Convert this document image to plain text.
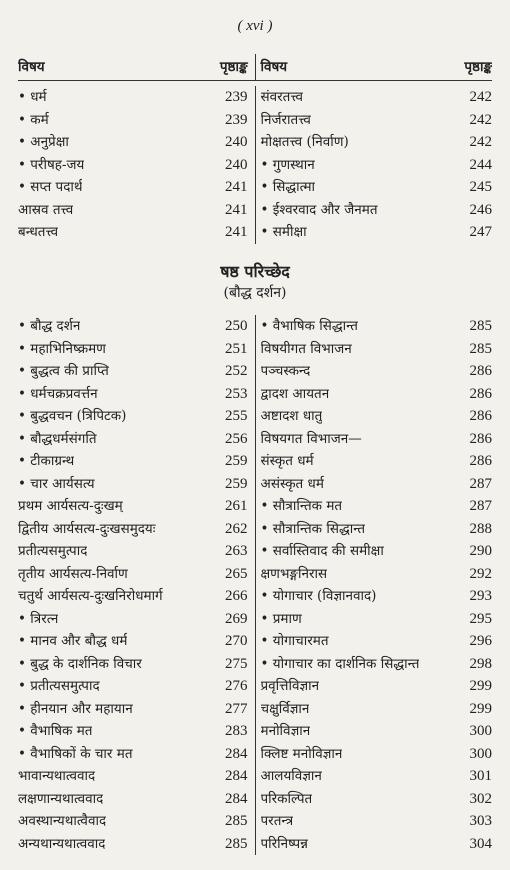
( xvi )
विषय	पृष्ठाङ्क विषय	पृष्ठाङ्क
• धर्म	239
• कर्म	239
• अनुप्रेक्षा	240
• परीषह-जय	240
• सप्त पदार्थ	241
आस्रव तत्त्व	241
बन्धतत्त्व	241
संवरतत्त्व	242
निर्जरातत्त्व	242
मोक्षतत्त्व (निर्वाण)	242
• गुणस्थान	244
• सिद्धात्मा	245
• ईश्वरवाद और जैनमत	246
• समीक्षा	247
षष्ठ परिच्छेद
(बौद्ध दर्शन)
• बौद्ध दर्शन	250
• महाभिनिष्क्रमण	251
• बुद्धत्व की प्राप्ति	252
• धर्मचक्रप्रवर्त्तन	253
• बुद्धवचन (त्रिपिटक)	255
• बौद्धधर्मसंगति	256
• टीकाग्रन्थ	259
• चार आर्यसत्य	259
प्रथम आर्यसत्य-दुःखम्	261
द्वितीय आर्यसत्य-दुःखसमुदयः	262
प्रतीत्यसमुत्पाद	263
तृतीय आर्यसत्य-निर्वाण	265
चतुर्थ आर्यसत्य-दुःखनिरोधमार्ग	266
• त्रिरत्न	269
• मानव और बौद्ध धर्म	270
• बुद्ध के दार्शनिक विचार	275
• प्रतीत्यसमुत्पाद	276
• हीनयान और महायान	277
• वैभाषिक मत	283
• वैभाषिकों के चार मत	284
भावान्यथात्ववाद	284
लक्षणान्यथात्ववाद	284
अवस्थान्यथात्वैवाद	285
अन्यथान्यथात्ववाद	285
• वैभाषिक सिद्धान्त	285
विषयीगत विभाजन	285
पञ्चस्कन्द	286
द्वादश आयतन	286
अष्टादश धातु	286
विषयगत विभाजन—	286
संस्कृत धर्म	286
असंस्कृत धर्म	287
• सौत्रान्तिक मत	287
• सौत्रान्तिक सिद्धान्त	288
• सर्वास्तिवाद की समीक्षा	290
क्षणभङ्गनिरास	292
• योगाचार (विज्ञानवाद)	293
• प्रमाण	295
• योगाचारमत	296
• योगाचार का दार्शनिक सिद्धान्त	298
प्रवृत्तिविज्ञान	299
चक्षुर्विज्ञान	299
मनोविज्ञान	300
क्लिष्ट मनोविज्ञान	300
आलयविज्ञान	301
परिकल्पित	302
परतन्त्र	303
परिनिष्पन्न	304
